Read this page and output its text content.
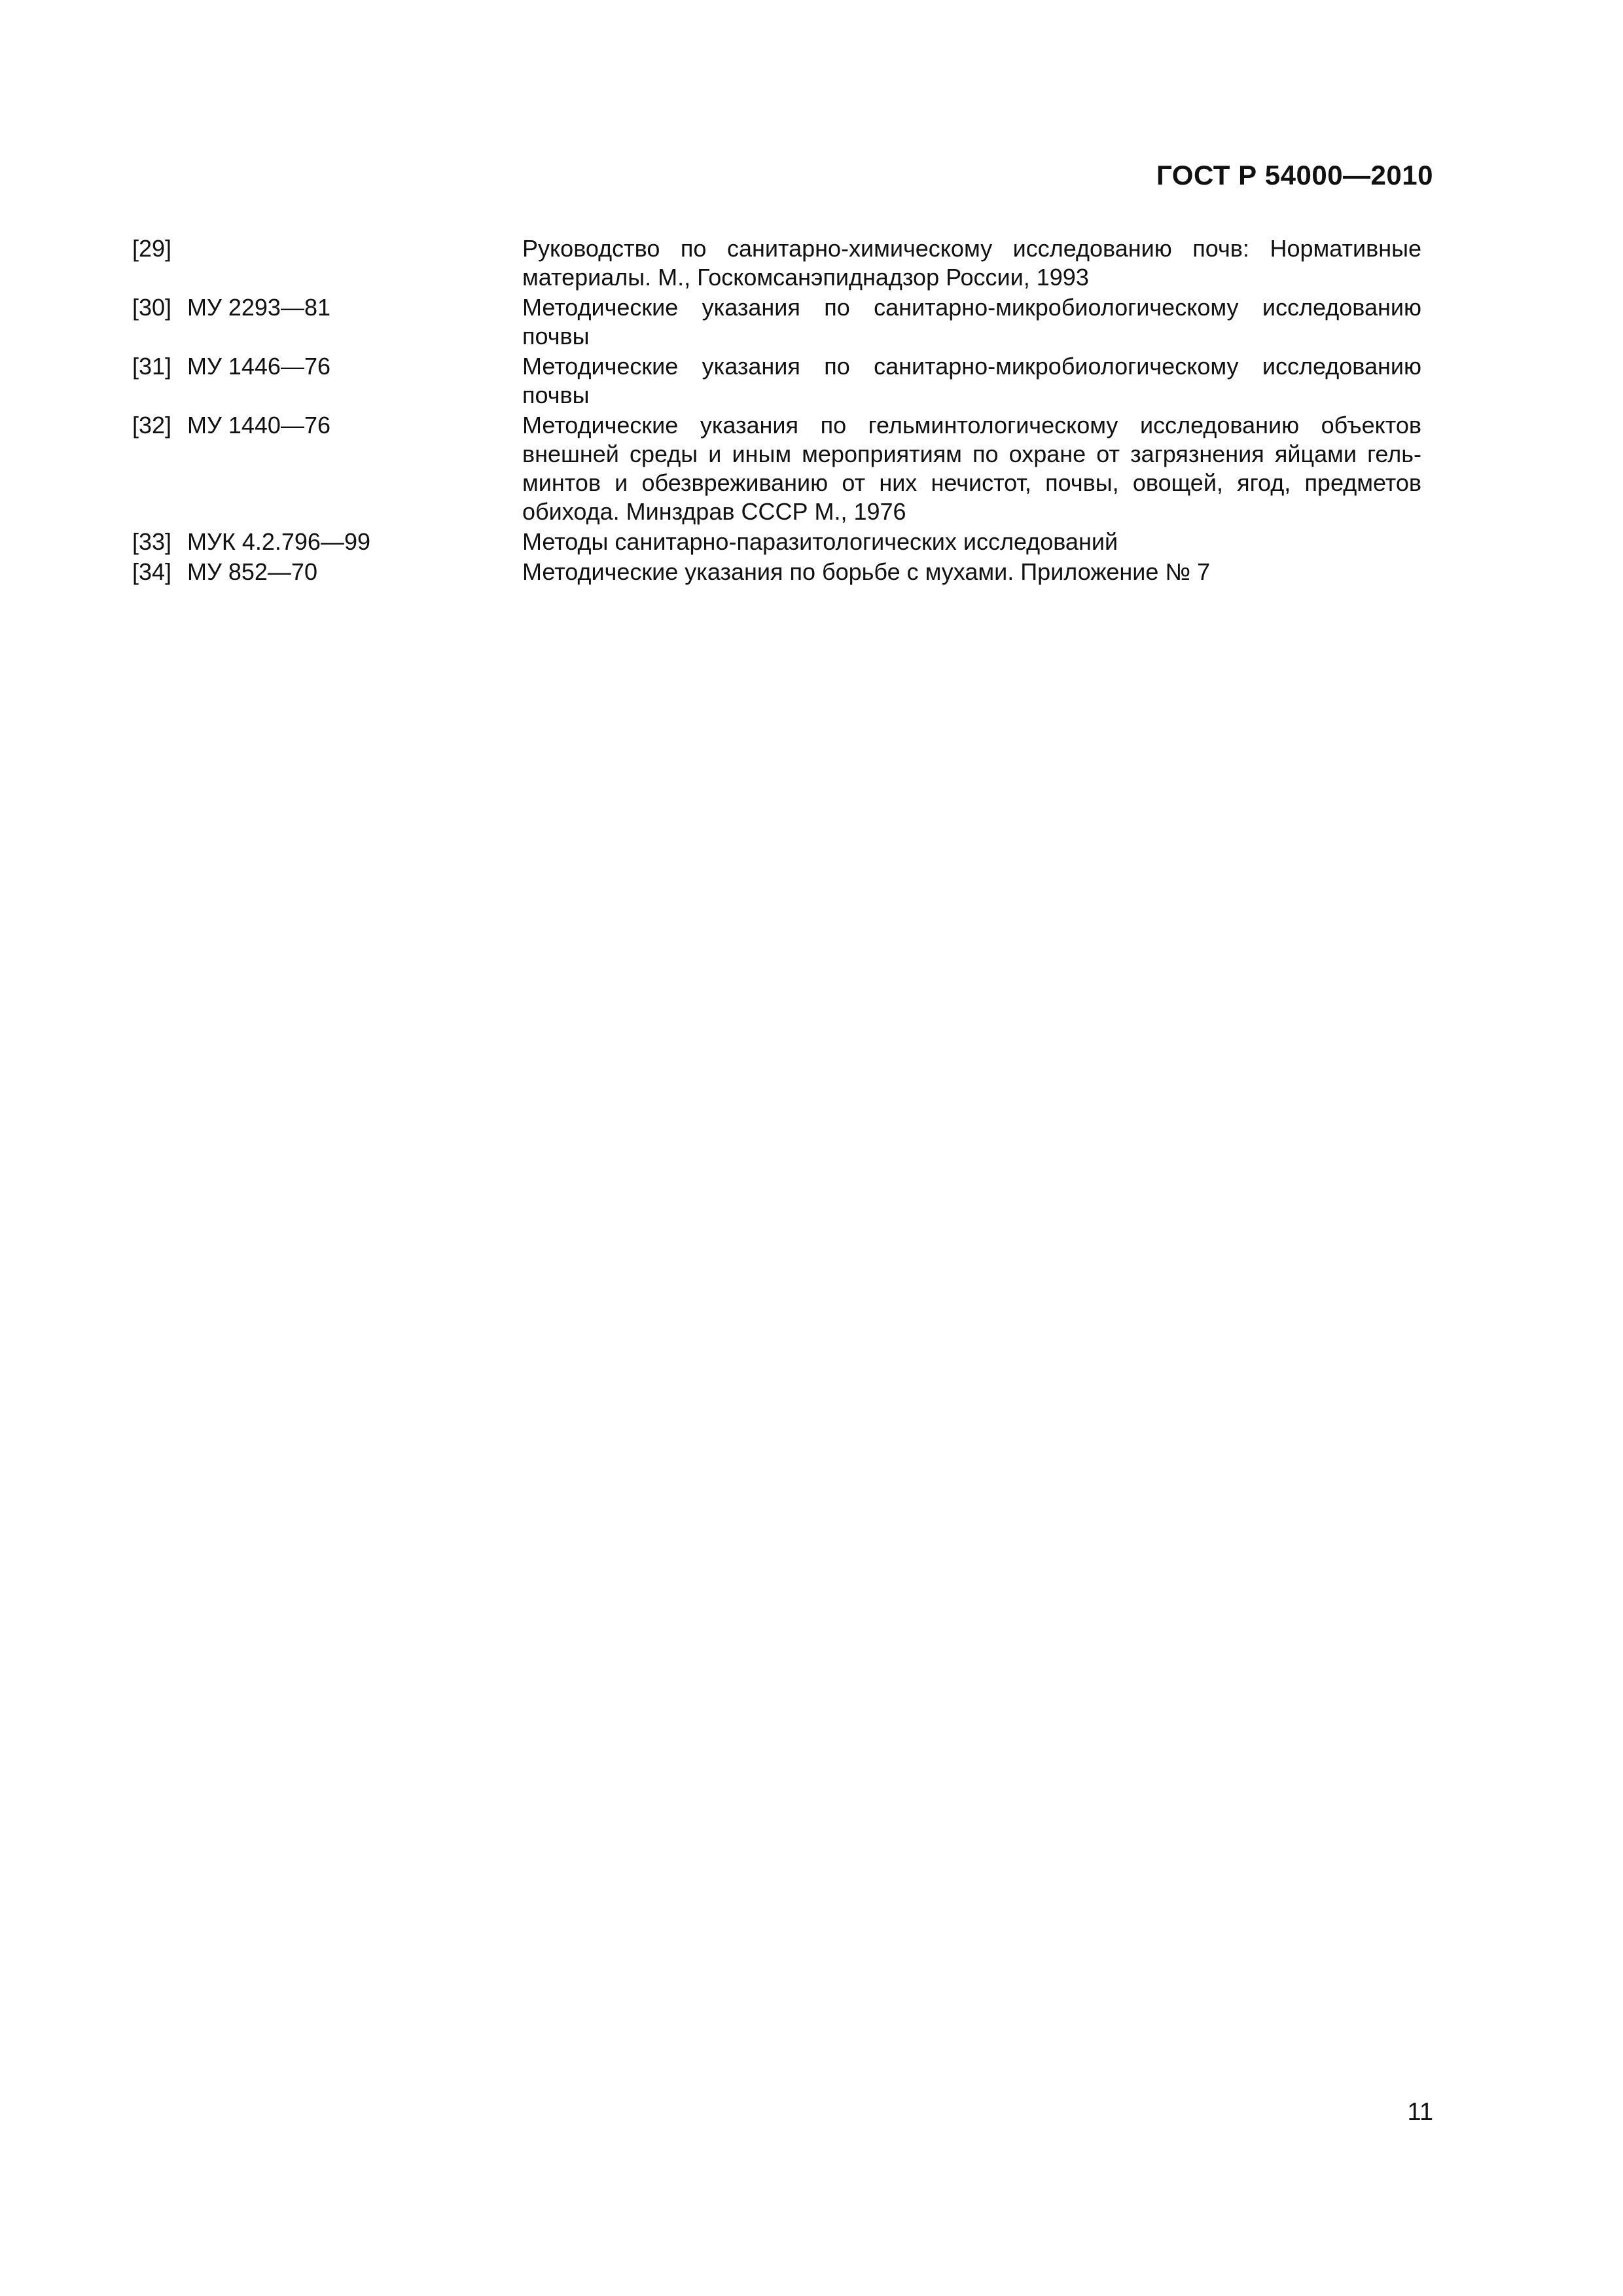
ГОСТ Р 54000—2010
[29]	Руководство по санитарно-химическому исследованию почв: Нормативные материалы. М., Госкомсанэпиднадзор России, 1993
[30] МУ 2293—81	Методические указания по санитарно-микробиологическому исследованию почвы
[31] МУ 1446—76	Методические указания по санитарно-микробиологическому исследованию почвы
[32] МУ 1440—76	Методические указания по гельминтологическому исследованию объектов внешней среды и иным мероприятиям по охране от загрязнения яйцами гель-минтов и обезвреживанию от них нечистот, почвы, овощей, ягод, предметов обихода. Минздрав СССР М., 1976
[33] МУК 4.2.796—99	Методы санитарно-паразитологических исследований
[34] МУ 852—70	Методические указания по борьбе с мухами. Приложение № 7
11
